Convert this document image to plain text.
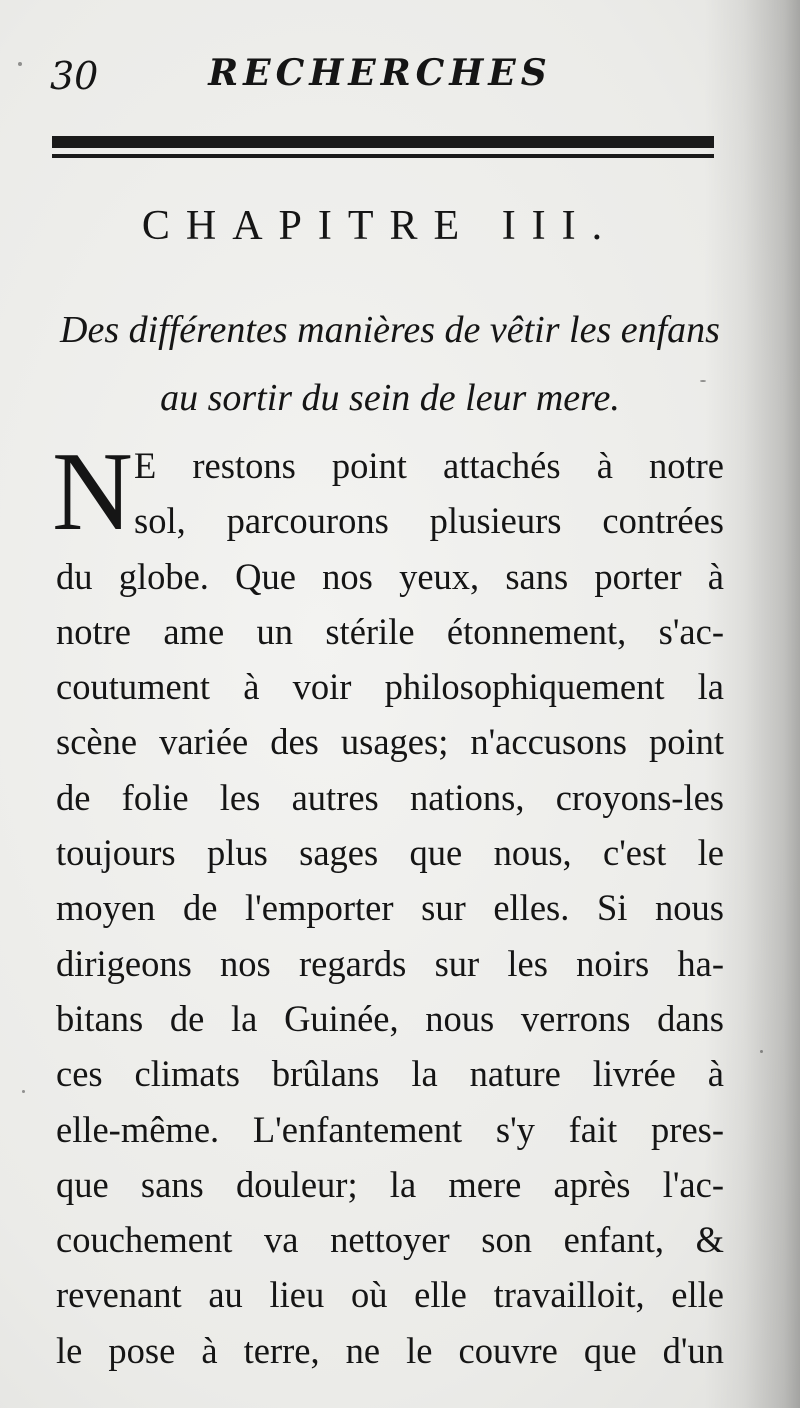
30	RECHERCHES
CHAPITRE III.
Des différentes manières de vêtir les enfans
au sortir du sein de leur mere.
N E restons point attachés à notre
sol, parcourons plusieurs contrées
du globe. Que nos yeux, sans porter à
notre ame un stérile étonnement, s'ac-
coutument à voir philosophiquement la
scène variée des usages; n'accusons point
de folie les autres nations, croyons-les
toujours plus sages que nous, c'est le
moyen de l'emporter sur elles. Si nous
dirigeons nos regards sur les noirs ha-
bitans de la Guinée, nous verrons dans
ces climats brûlans la nature livrée à
elle-même. L'enfantement s'y fait pres-
que sans douleur; la mere après l'ac-
couchement va nettoyer son enfant, &
revenant au lieu où elle travailloit, elle
le pose à terre, ne le couvre que d'un
